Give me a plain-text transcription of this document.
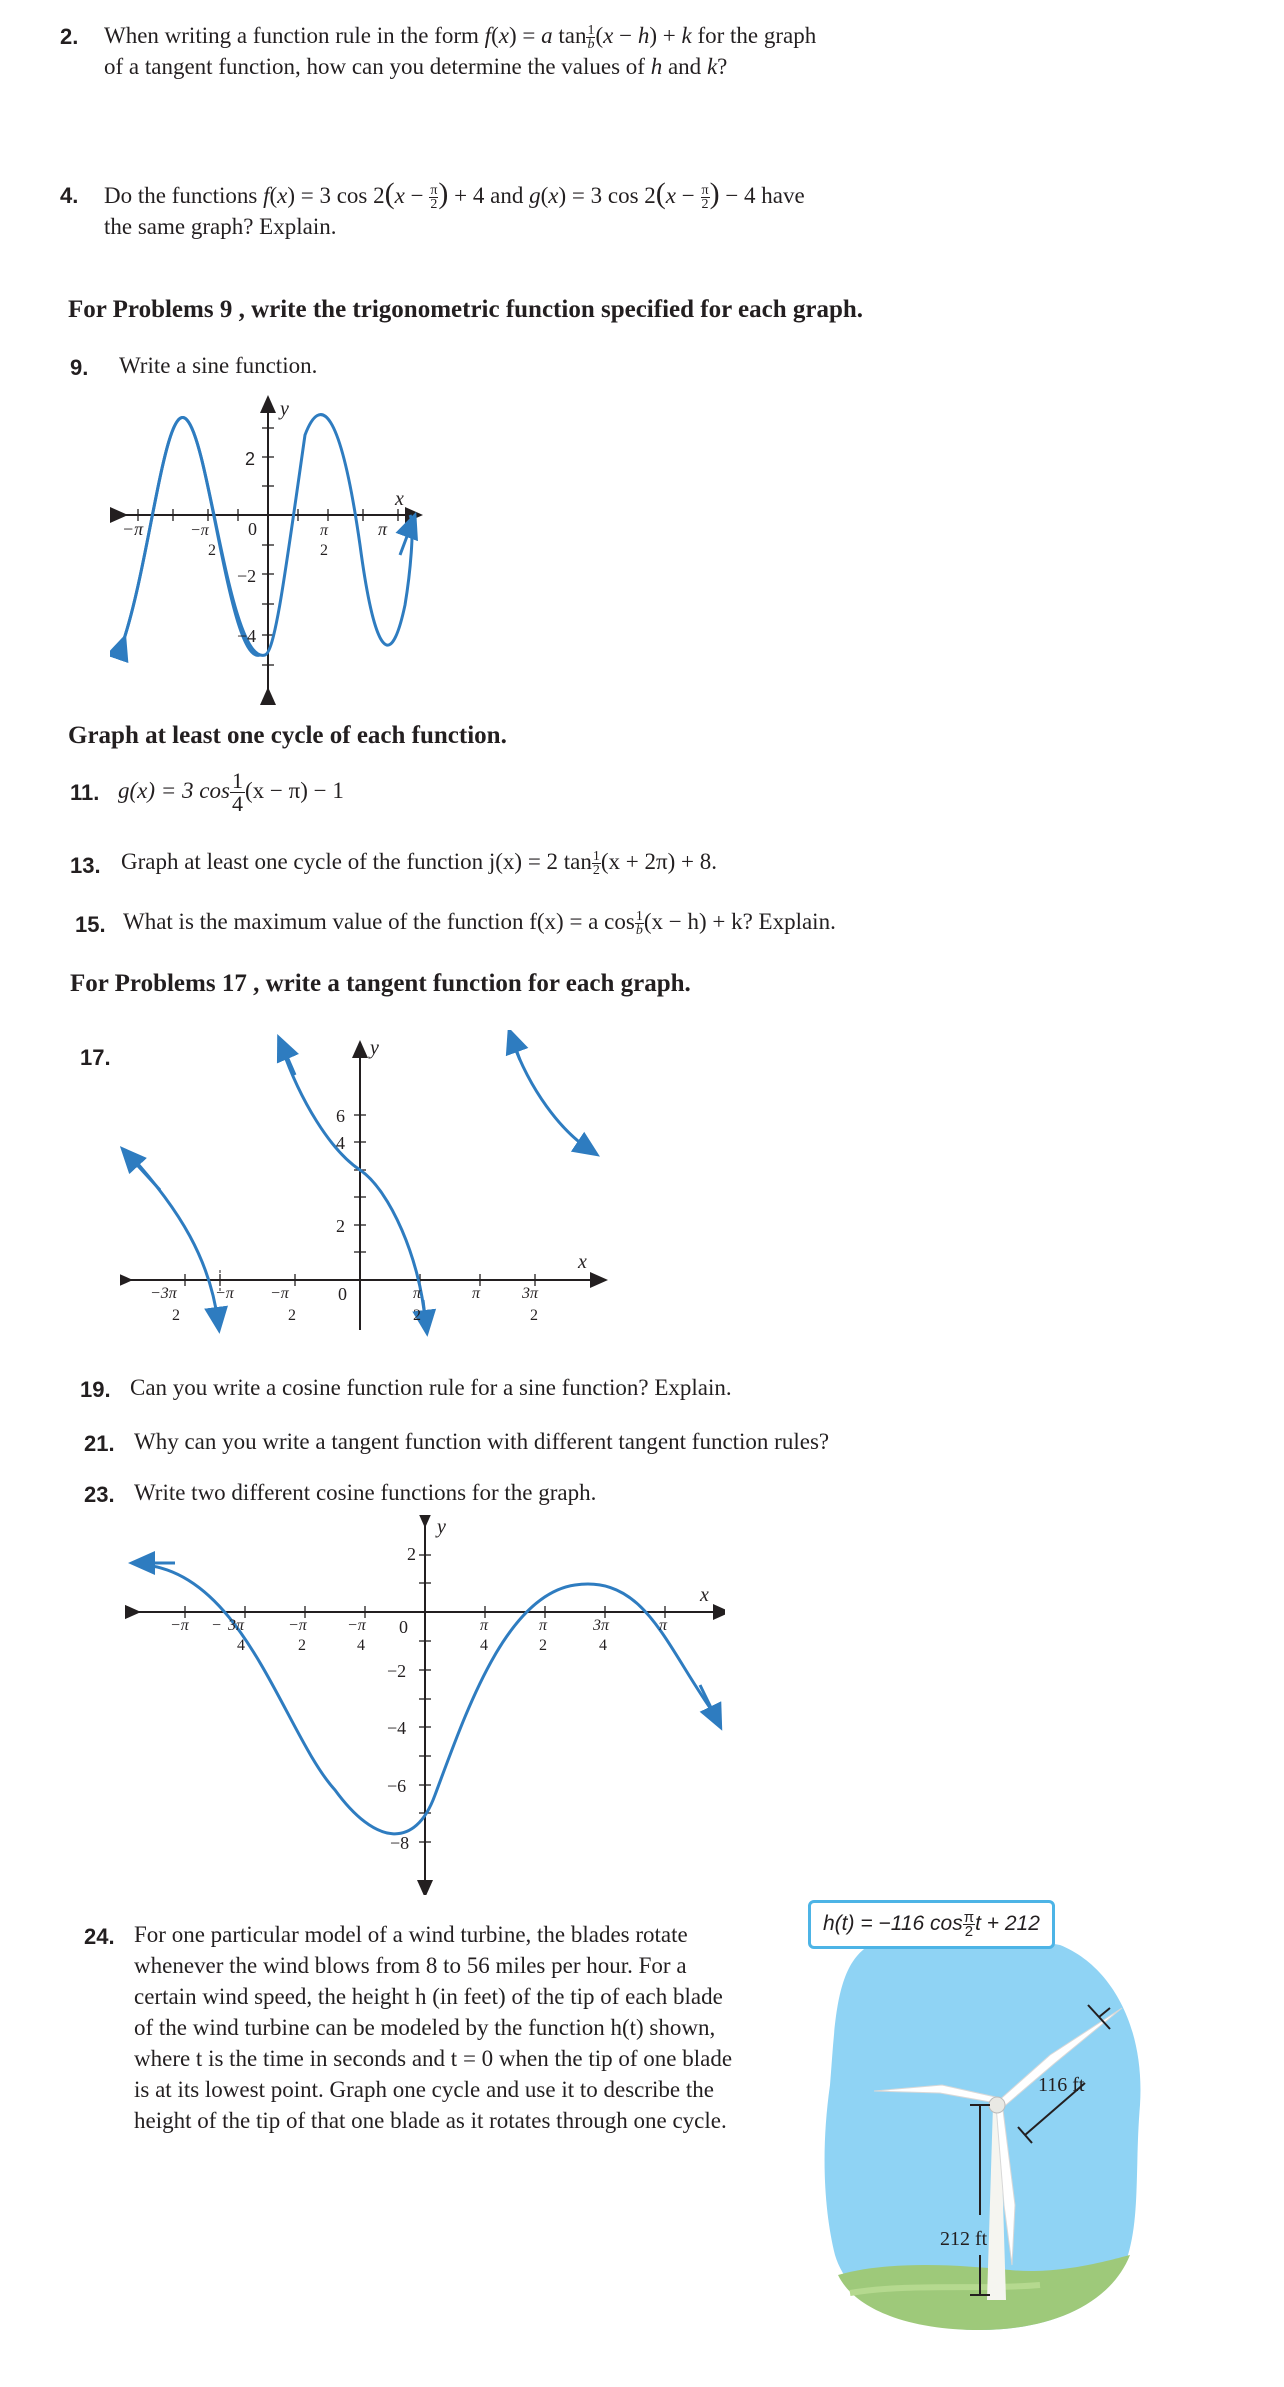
2. When writing a function rule in the form f(x) = a $\tan \frac{1}{b} (x - h) + k$ for the graph
of a tangent function, how can you determine the values of h and k?
4. Do the functions f(x) = 3 $\cos 2(x - \frac{\pi}{2}$ ) + 4 and g(x) = 3 $\cos 2(x - \frac{\pi}{2}$ ) − 4 have
the same graph? Explain.
For Problems 9 , write the trigonometric function specified for each graph.
9. Write a sine function.
y
x
2
−2
−4
0
−π	−π
2
π
2
π
Graph at least one cycle of each function.
11. g(x) = 3 $\cos \frac{1}{4} (x - \pi) - 1$
13. Graph at least one cycle of the function j(x) = 2 $\tan \frac{1}{2} (x + 2\pi) + 8$.
15. What is the maximum value of the function f(x) = a $\cos \frac{1}{b} (x - h) + k$? Explain.
For Problems 17 , write a tangent function for each graph.
17.	y
x
2
4
6
0
−3π
2
−π −π
2
π
2
π	3π
2
19. Can you write a cosine function rule for a sine function? Explain.
21. Why can you write a tangent function with different tangent function rules?
23. Write two different cosine functions for the graph.
y
x
2
0
−2
−4
−6
−8
−π 3π
4
−	−π
2
−π
4
π
4
π
2
3π
4
π
24. For one particular model of a wind turbine, the blades rotate
whenever the wind blows from 8 to 56 miles per hour. For a
certain wind speed, the height h (in feet) of the tip of each blade
of the wind turbine can be modeled by the function h(t) shown,
where t is the time in seconds and t = 0 when the tip of one blade
is at its lowest point. Graph one cycle and use it to describe the
height of the tip of that one blade as it rotates through one cycle.
116 ft
212 ft
h(t) = −116 $\cos \frac{\pi}{2}$ t + 212
